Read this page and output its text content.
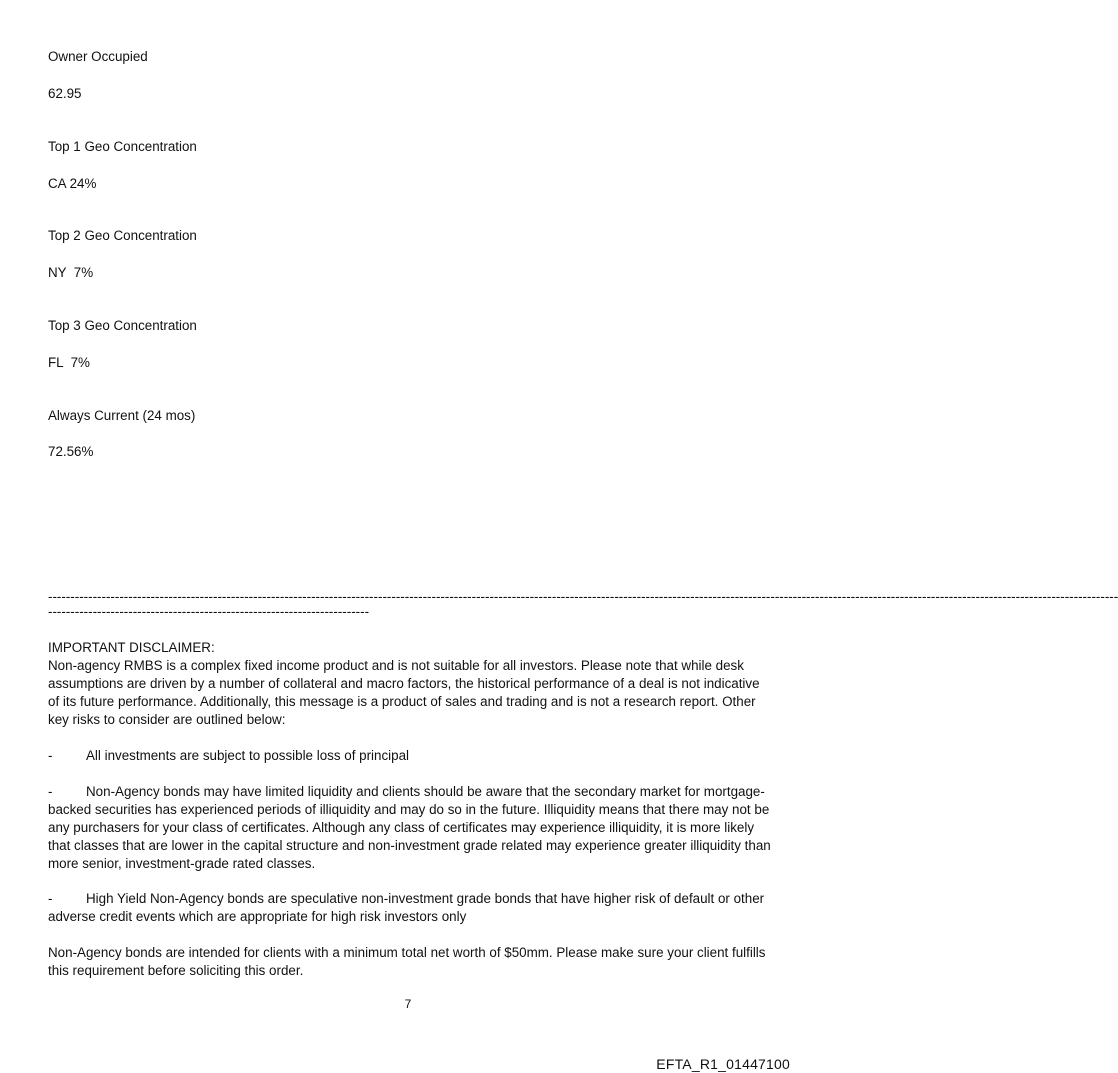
Owner Occupied
62.95
Top 1 Geo Concentration
CA 24%
Top 2 Geo Concentration
NY  7%
Top 3 Geo Concentration
FL  7%
Always Current (24 mos)
72.56%
------------------------------------------------------------------------------------------------------------------------------------------------------------------------------------------------------------------------------------------------
------------------------------------------------------------------------
IMPORTANT DISCLAIMER:

Non-agency RMBS is a complex fixed income product and is not suitable for all investors. Please note that while desk assumptions are driven by a number of collateral and macro factors, the historical performance of a deal is not indicative of its future performance. Additionally, this message is a product of sales and trading and is not a research report. Other key risks to consider are outlined below:

-	All investments are subject to possible loss of principal
-	Non-Agency bonds may have limited liquidity and clients should be aware that the secondary market for mortgage-backed securities has experienced periods of illiquidity and may do so in the future. Illiquidity means that there may not be any purchasers for your class of certificates. Although any class of certificates may experience illiquidity, it is more likely that classes that are lower in the capital structure and non-investment grade related may experience greater illiquidity than more senior, investment-grade rated classes.
-	High Yield Non-Agency bonds are speculative non-investment grade bonds that have higher risk of default or other adverse credit events which are appropriate for high risk investors only

Non-Agency bonds are intended for clients with a minimum total net worth of $50mm. Please make sure your client fulfills this requirement before soliciting this order.

7
EFTA_R1_01447100
